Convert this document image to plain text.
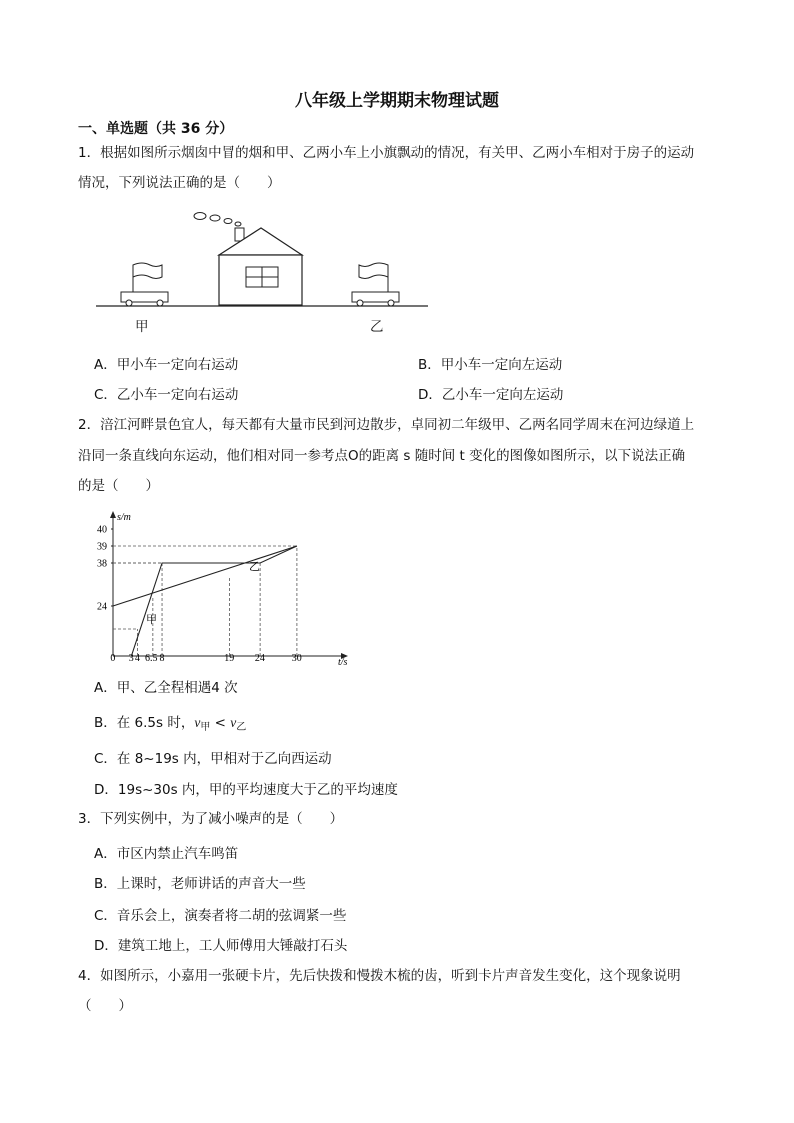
八年级上学期期末物理试题
一、单选题（共 36 分）
1．根据如图所示烟囱中冒的烟和甲、乙两小车上小旗飘动的情况，有关甲、乙两小车相对于房子的运动
情况，下列说法正确的是（　　）
甲	乙
A．甲小车一定向右运动	B．甲小车一定向左运动
C．乙小车一定向右运动	D．乙小车一定向左运动
2．涪江河畔景色宜人，每天都有大量市民到河边散步，卓同初二年级甲、乙两名同学周末在河边绿道上
沿同一条直线向东运动，他们相对同一参考点O的距离 s 随时间 t 变化的图像如图所示，以下说法正确
的是（　　）
s/m
t/s
0 3 4 6.5 8	19 24	30
24
38
39
40
甲
乙
A．甲、乙全程相遇4 次
B．在 6.5s 时，$v_甲 < v_乙$
C．在 8~19s 内，甲相对于乙向西运动
D．19s~30s 内，甲的平均速度大于乙的平均速度
3．下列实例中，为了减小噪声的是（　　）
A．市区内禁止汽车鸣笛
B．上课时，老师讲话的声音大一些
C．音乐会上，演奏者将二胡的弦调紧一些
D．建筑工地上，工人师傅用大锤敲打石头
4．如图所示，小嘉用一张硬卡片，先后快拨和慢拨木梳的齿，听到卡片声音发生变化，这个现象说明
（　　）
